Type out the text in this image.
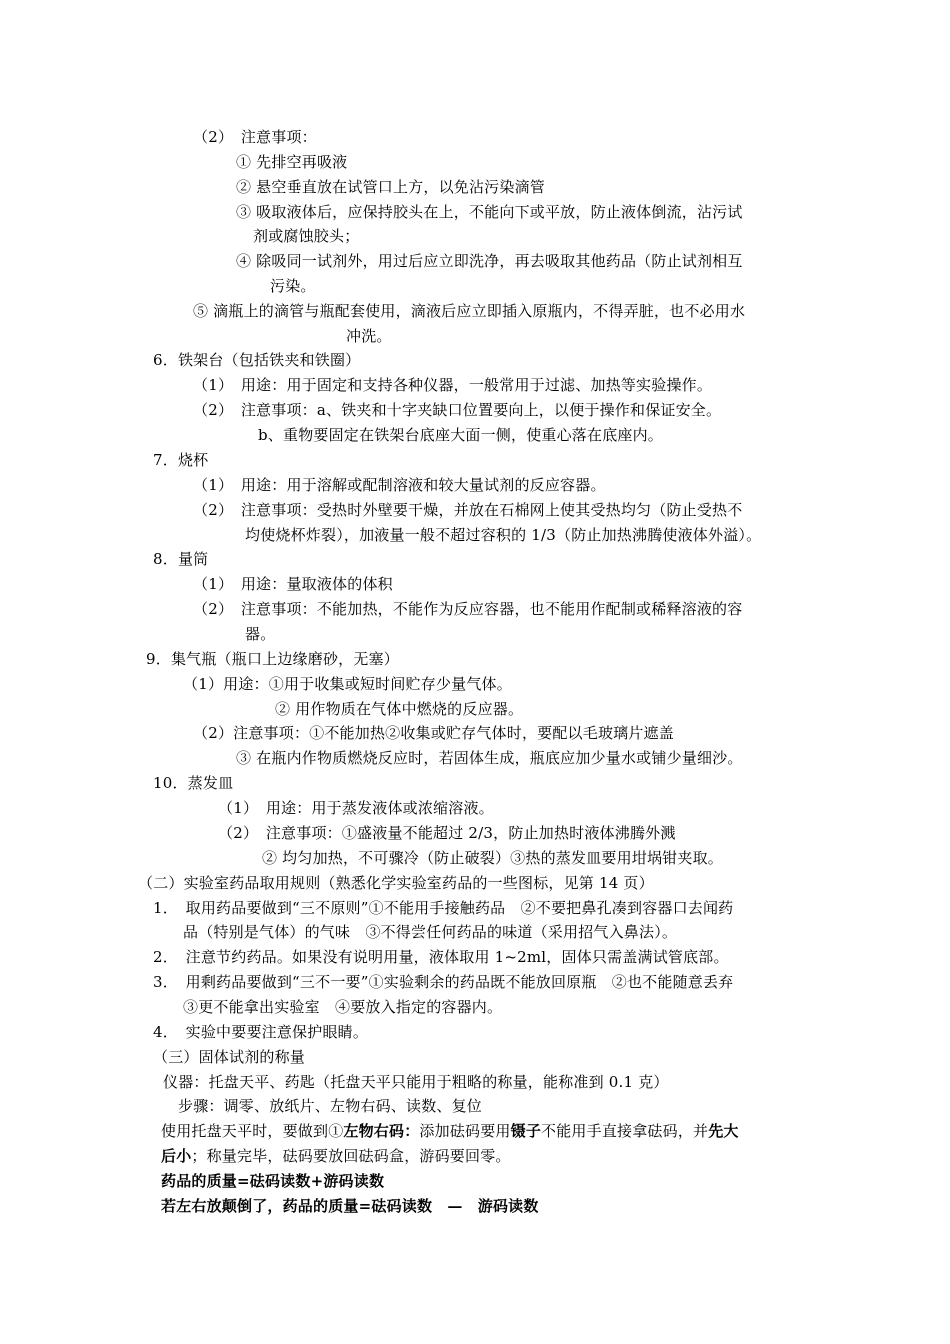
（2）　注意事项：
① 先排空再吸液
② 悬空垂直放在试管口上方，以免沾污染滴管
③ 吸取液体后，应保持胶头在上，不能向下或平放，防止液体倒流，沾污试
剂或腐蚀胶头；
④ 除吸同一试剂外，用过后应立即洗净，再去吸取其他药品（防止试剂相互
污染。
⑤ 滴瓶上的滴管与瓶配套使用，滴液后应立即插入原瓶内，不得弄脏，也不必用水
冲洗。
6．铁架台（包括铁夹和铁圈）
（1）　用途：用于固定和支持各种仪器，一般常用于过滤、加热等实验操作。
（2）　注意事项：a、铁夹和十字夹缺口位置要向上，以便于操作和保证安全。
b、重物要固定在铁架台底座大面一侧，使重心落在底座内。
7．烧杯
（1）　用途：用于溶解或配制溶液和较大量试剂的反应容器。
（2）　注意事项：受热时外壁要干燥，并放在石棉网上使其受热均匀（防止受热不
均使烧杯炸裂），加液量一般不超过容积的 1/3（防止加热沸腾使液体外溢）。
8．量筒
（1）　用途：量取液体的体积
（2）　注意事项：不能加热，不能作为反应容器，也不能用作配制或稀释溶液的容
器。
9．集气瓶（瓶口上边缘磨砂，无塞）
（1）用途：①用于收集或短时间贮存少量气体。
② 用作物质在气体中燃烧的反应器。
（2）注意事项：①不能加热②收集或贮存气体时，要配以毛玻璃片遮盖
③ 在瓶内作物质燃烧反应时，若固体生成，瓶底应加少量水或铺少量细沙。
10．蒸发皿
（1）　用途：用于蒸发液体或浓缩溶液。
（2）　注意事项：①盛液量不能超过 2/3，防止加热时液体沸腾外溅
② 均匀加热，不可骤冷（防止破裂）③热的蒸发皿要用坩埚钳夹取。
（二）实验室药品取用规则（熟悉化学实验室药品的一些图标，见第 14 页）
1．　取用药品要做到“三不原则”①不能用手接触药品　②不要把鼻孔凑到容器口去闻药
品（特别是气体）的气味　③不得尝任何药品的味道（采用招气入鼻法）。
2．　注意节约药品。如果没有说明用量，液体取用 1~2ml，固体只需盖满试管底部。
3．　用剩药品要做到“三不一要”①实验剩余的药品既不能放回原瓶　②也不能随意丢弃
③更不能拿出实验室　④要放入指定的容器内。
4．　实验中要要注意保护眼睛。
（三）固体试剂的称量
仪器：托盘天平、药匙（托盘天平只能用于粗略的称量，能称准到 0.1 克）
步骤：调零、放纸片、左物右码、读数、复位
使用托盘天平时，要做到①左物右码：添加砝码要用镊子不能用手直接拿砝码，并先大
后小；称量完毕，砝码要放回砝码盒，游码要回零。
药品的质量=砝码读数+游码读数
若左右放颠倒了，药品的质量=砝码读数　—　游码读数
